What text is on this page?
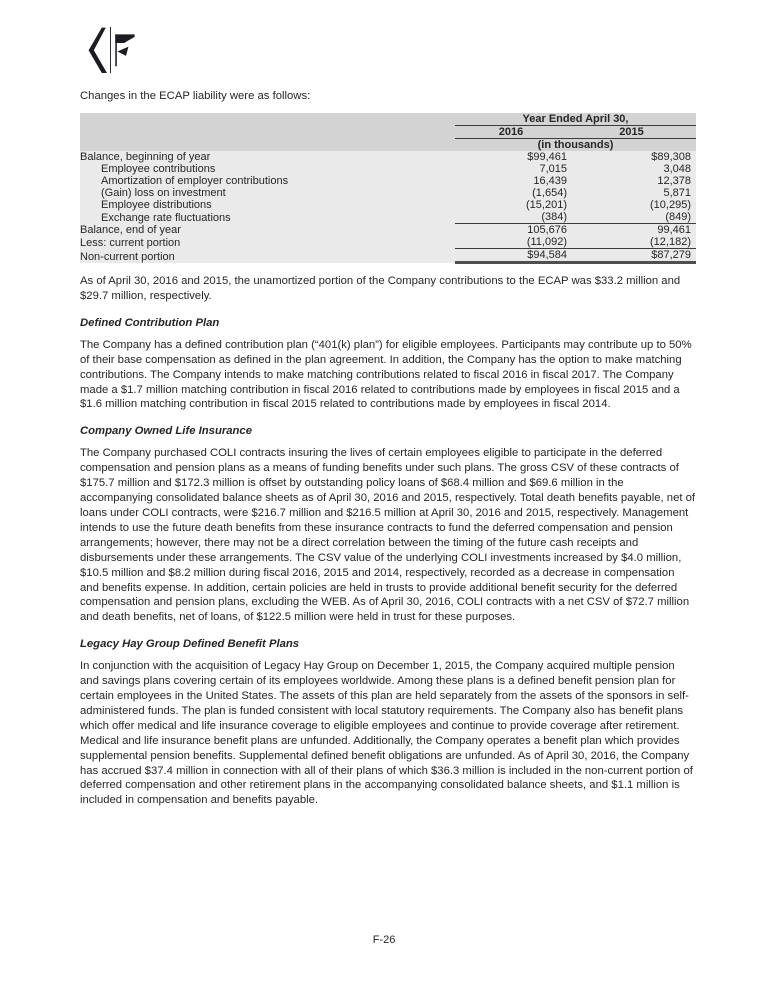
Changes in the ECAP liability were as follows:

	Year Ended April 30,	
	2016	2015
	(in thousands)	
Balance, beginning of year	$99,461	$89,308
Employee contributions	7,015	3,048
Amortization of employer contributions	16,439	12,378
(Gain) loss on investment	(1,654)	5,871
Employee distributions	(15,201)	(10,295)
Exchange rate fluctuations	(384)	(849)
Balance, end of year	105,676	99,461
Less: current portion	(11,092)	(12,182)
Non-current portion	$94,584	$87,279

As of April 30, 2016 and 2015, the unamortized portion of the Company contributions to the ECAP was $33.2 million and $29.7 million, respectively.

Defined Contribution Plan

The Company has a defined contribution plan (“401(k) plan”) for eligible employees. Participants may contribute up to 50% of their base compensation as defined in the plan agreement. In addition, the Company has the option to make matching contributions. The Company intends to make matching contributions related to fiscal 2016 in fiscal 2017. The Company made a $1.7 million matching contribution in fiscal 2016 related to contributions made by employees in fiscal 2015 and a $1.6 million matching contribution in fiscal 2015 related to contributions made by employees in fiscal 2014.

Company Owned Life Insurance

The Company purchased COLI contracts insuring the lives of certain employees eligible to participate in the deferred compensation and pension plans as a means of funding benefits under such plans. The gross CSV of these contracts of $175.7 million and $172.3 million is offset by outstanding policy loans of $68.4 million and $69.6 million in the accompanying consolidated balance sheets as of April 30, 2016 and 2015, respectively. Total death benefits payable, net of loans under COLI contracts, were $216.7 million and $216.5 million at April 30, 2016 and 2015, respectively. Management intends to use the future death benefits from these insurance contracts to fund the deferred compensation and pension arrangements; however, there may not be a direct correlation between the timing of the future cash receipts and disbursements under these arrangements. The CSV value of the underlying COLI investments increased by $4.0 million, $10.5 million and $8.2 million during fiscal 2016, 2015 and 2014, respectively, recorded as a decrease in compensation and benefits expense. In addition, certain policies are held in trusts to provide additional benefit security for the deferred compensation and pension plans, excluding the WEB. As of April 30, 2016, COLI contracts with a net CSV of $72.7 million and death benefits, net of loans, of $122.5 million were held in trust for these purposes.

Legacy Hay Group Defined Benefit Plans

In conjunction with the acquisition of Legacy Hay Group on December 1, 2015, the Company acquired multiple pension and savings plans covering certain of its employees worldwide. Among these plans is a defined benefit pension plan for certain employees in the United States. The assets of this plan are held separately from the assets of the sponsors in self-administered funds. The plan is funded consistent with local statutory requirements. The Company also has benefit plans which offer medical and life insurance coverage to eligible employees and continue to provide coverage after retirement. Medical and life insurance benefit plans are unfunded. Additionally, the Company operates a benefit plan which provides supplemental pension benefits. Supplemental defined benefit obligations are unfunded. As of April 30, 2016, the Company has accrued $37.4 million in connection with all of their plans of which $36.3 million is included in the non-current portion of deferred compensation and other retirement plans in the accompanying consolidated balance sheets, and $1.1 million is included in compensation and benefits payable.

F-26
